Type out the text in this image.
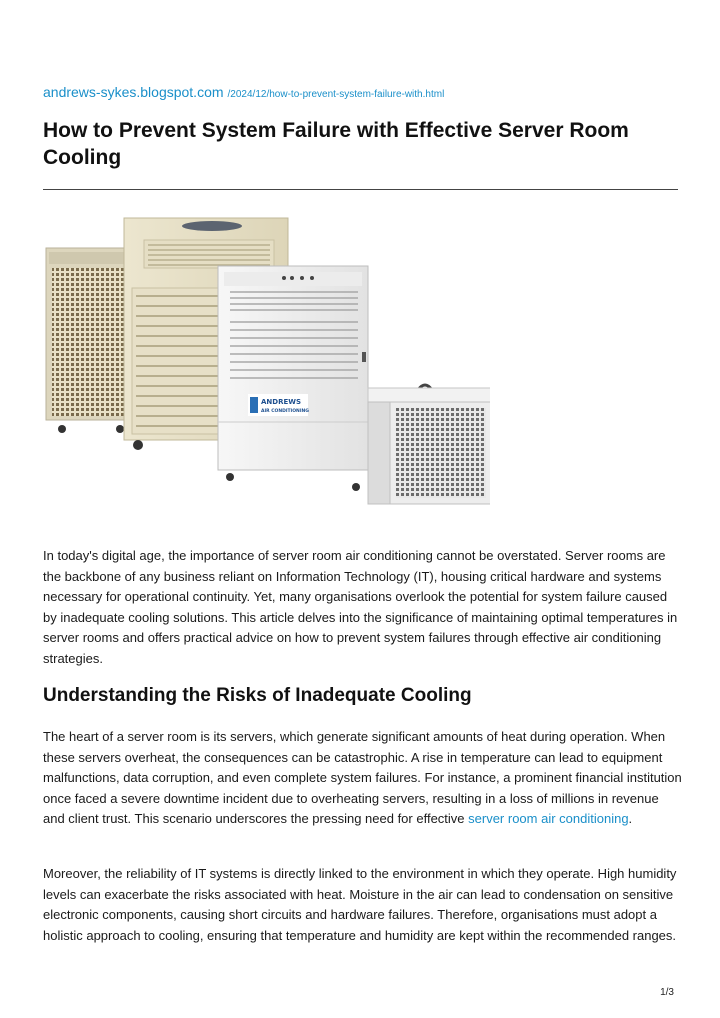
andrews-sykes.blogspot.com /2024/12/how-to-prevent-system-failure-with.html
How to Prevent System Failure with Effective Server Room Cooling
ANDREWS
AIR CONDITIONING

In today's digital age, the importance of server room air conditioning cannot be overstated. Server rooms are the backbone of any business reliant on Information Technology (IT), housing critical hardware and systems necessary for operational continuity. Yet, many organisations overlook the potential for system failure caused by inadequate cooling solutions. This article delves into the significance of maintaining optimal temperatures in server rooms and offers practical advice on how to prevent system failures through effective air conditioning strategies.

Understanding the Risks of Inadequate Cooling

The heart of a server room is its servers, which generate significant amounts of heat during operation. When these servers overheat, the consequences can be catastrophic. A rise in temperature can lead to equipment malfunctions, data corruption, and even complete system failures. For instance, a prominent financial institution once faced a severe downtime incident due to overheating servers, resulting in a loss of millions in revenue and client trust. This scenario underscores the pressing need for effective server room air conditioning.

Moreover, the reliability of IT systems is directly linked to the environment in which they operate. High humidity levels can exacerbate the risks associated with heat. Moisture in the air can lead to condensation on sensitive electronic components, causing short circuits and hardware failures. Therefore, organisations must adopt a holistic approach to cooling, ensuring that temperature and humidity are kept within the recommended ranges.

1/3
